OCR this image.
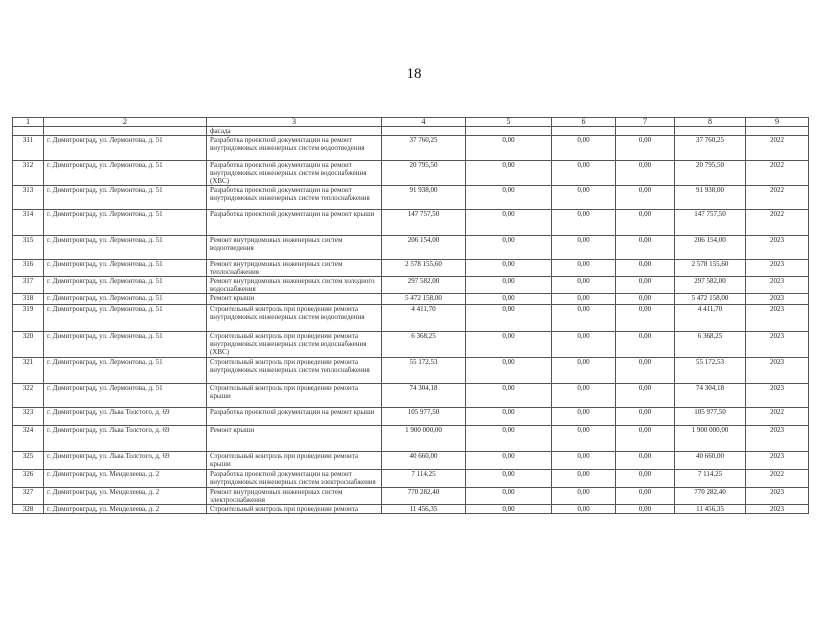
18
1	2	3	4	5	6	7	8	9
		фасада						
311	г. Димитровград, ул. Лермонтова, д. 51	Разработка проектной документации на ремонт внутридомовых инженерных систем водоотведения	37 760,25	0,00	0,00	0,00	37 760,25	2022
312	г. Димитровград, ул. Лермонтова, д. 51	Разработка проектной документации на ремонт внутридомовых инженерных систем водоснабжения (ХВС)	20 795,50	0,00	0,00	0,00	20 795,50	2022
313	г. Димитровград, ул. Лермонтова, д. 51	Разработка проектной документации на ремонт внутридомовых инженерных систем теплоснабжения	91 938,00	0,00	0,00	0,00	91 938,00	2022
314	г. Димитровград, ул. Лермонтова, д. 51	Разработка проектной документации на ремонт крыши	147 757,50	0,00	0,00	0,00	147 757,50	2022
315	г. Димитровград, ул. Лермонтова, д. 51	Ремонт внутридомовых инженерных систем водоотведения	206 154,00	0,00	0,00	0,00	206 154,00	2023
316	г. Димитровград, ул. Лермонтова, д. 51	Ремонт внутридомовых инженерных систем теплоснабжения	2 578 155,60	0,00	0,00	0,00	2 578 155,60	2023
317	г. Димитровград, ул. Лермонтова, д. 51	Ремонт внутридомовых инженерных систем холодного водоснабжения	297 582,00	0,00	0,00	0,00	297 582,00	2023
318	г. Димитровград, ул. Лермонтова, д. 51	Ремонт крыши	5 472 158,00	0,00	0,00	0,00	5 472 158,00	2023
319	г. Димитровград, ул. Лермонтова, д. 51	Строительный контроль при проведении ремонта внутридомовых инженерных систем водоотведения	4 411,70	0,00	0,00	0,00	4 411,70	2023
320	г. Димитровград, ул. Лермонтова, д. 51	Строительный контроль при проведении ремонта внутридомовых инженерных систем водоснабжения (ХВС)	6 368,25	0,00	0,00	0,00	6 368,25	2023
321	г. Димитровград, ул. Лермонтова, д. 51	Строительный контроль при проведении ремонта внутридомовых инженерных систем теплоснабжения	55 172,53	0,00	0,00	0,00	55 172,53	2023
322	г. Димитровград, ул. Лермонтова, д. 51	Строительный контроль при проведении ремонта крыши	74 304,18	0,00	0,00	0,00	74 304,18	2023
323	г. Димитровград, ул. Льва Толстого, д. 69	Разработка проектной документации на ремонт крыши	105 977,50	0,00	0,00	0,00	105 977,50	2022
324	г. Димитровград, ул. Льва Толстого, д. 69	Ремонт крыши	1 900 000,00	0,00	0,00	0,00	1 900 000,00	2023
325	г. Димитровград, ул. Льва Толстого, д. 69	Строительный контроль при проведении ремонта крыши	40 660,00	0,00	0,00	0,00	40 660,00	2023
326	г. Димитровград, ул. Менделеева, д. 2	Разработка проектной документации на ремонт внутридомовых инженерных систем электроснабжения	7 114,25	0,00	0,00	0,00	7 114,25	2022
327	г. Димитровград, ул. Менделеева, д. 2	Ремонт внутридомовых инженерных систем электроснабжения	770 282,40	0,00	0,00	0,00	770 282,40	2023
328	г. Димитровград, ул. Менделеева, д. 2	Строительный контроль при проведении ремонта	11 456,35	0,00	0,00	0,00	11 456,35	2023
